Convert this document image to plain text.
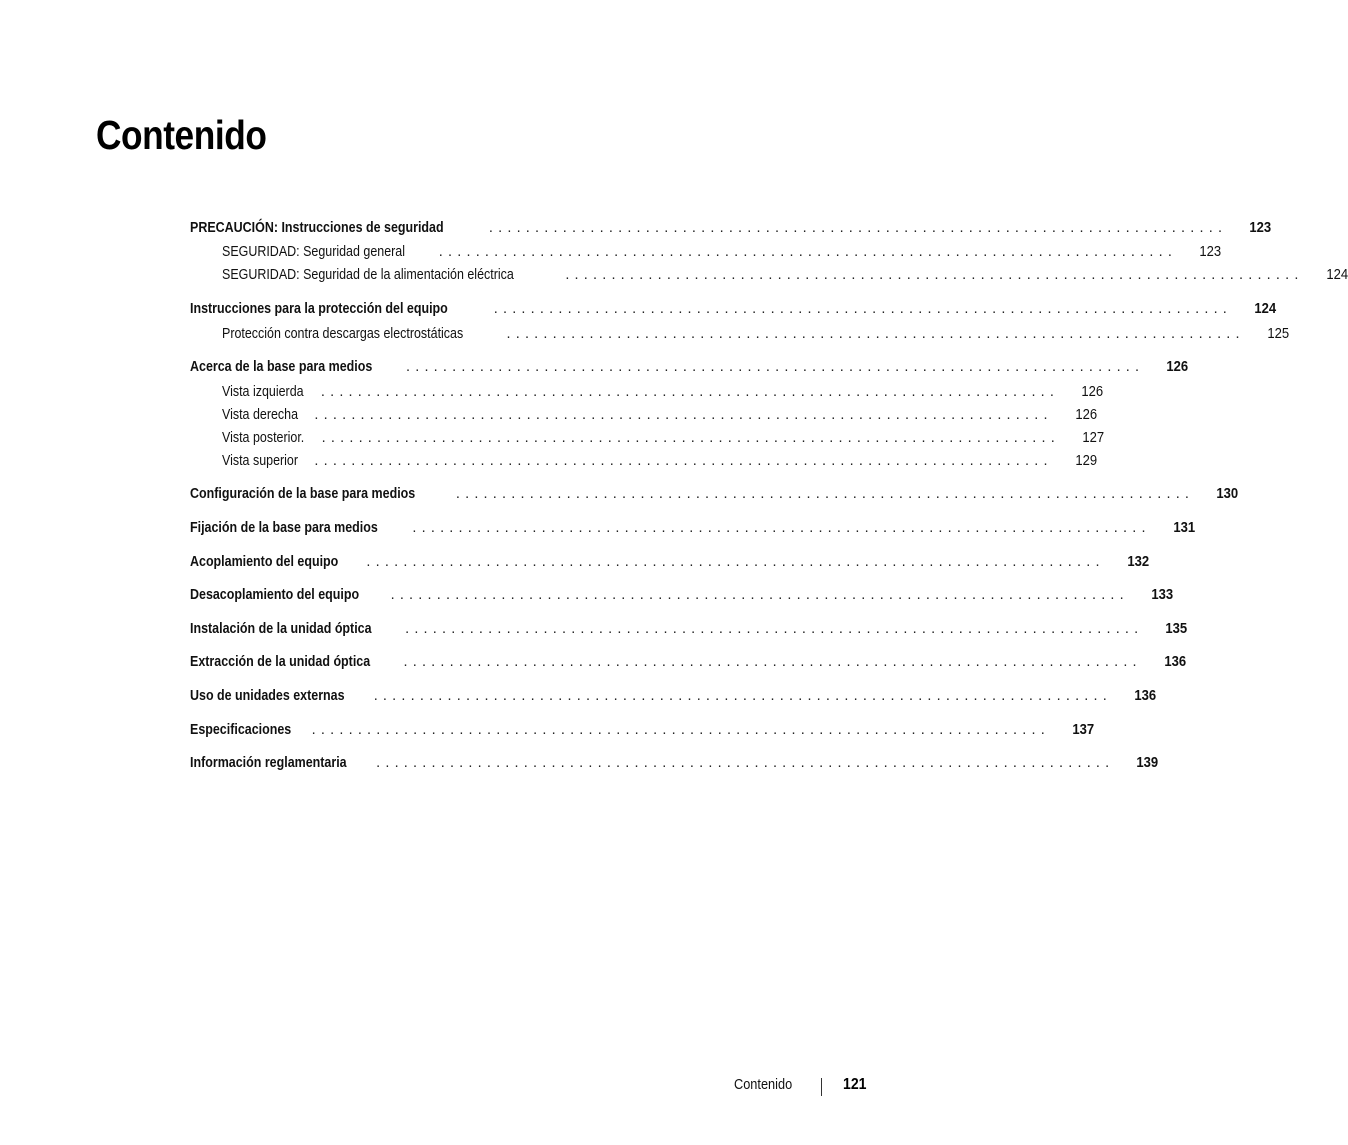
Contenido
PRECAUCIÓN: Instrucciones de seguridad	................................................................................ 123
SEGURIDAD: Seguridad general ................................................................................ 123
SEGURIDAD: Seguridad de la alimentación eléctrica	................................................................................ 124
Instrucciones para la protección del equipo	................................................................................ 124
Protección contra descargas electrostáticas	................................................................................ 125
Acerca de la base para medios ................................................................................ 126
Vista izquierda ................................................................................ 126
Vista derecha ................................................................................ 126
Vista posterior. ................................................................................ 127
Vista superior ................................................................................ 129
Configuración de la base para medios	................................................................................ 130
Fijación de la base para medios ................................................................................ 131
Acoplamiento del equipo ................................................................................ 132
Desacoplamiento del equipo ................................................................................ 133
Instalación de la unidad óptica ................................................................................ 135
Extracción de la unidad óptica ................................................................................ 136
Uso de unidades externas ................................................................................ 136
Especificaciones ................................................................................ 137
Información reglamentaria ................................................................................ 139
Contenido	121
